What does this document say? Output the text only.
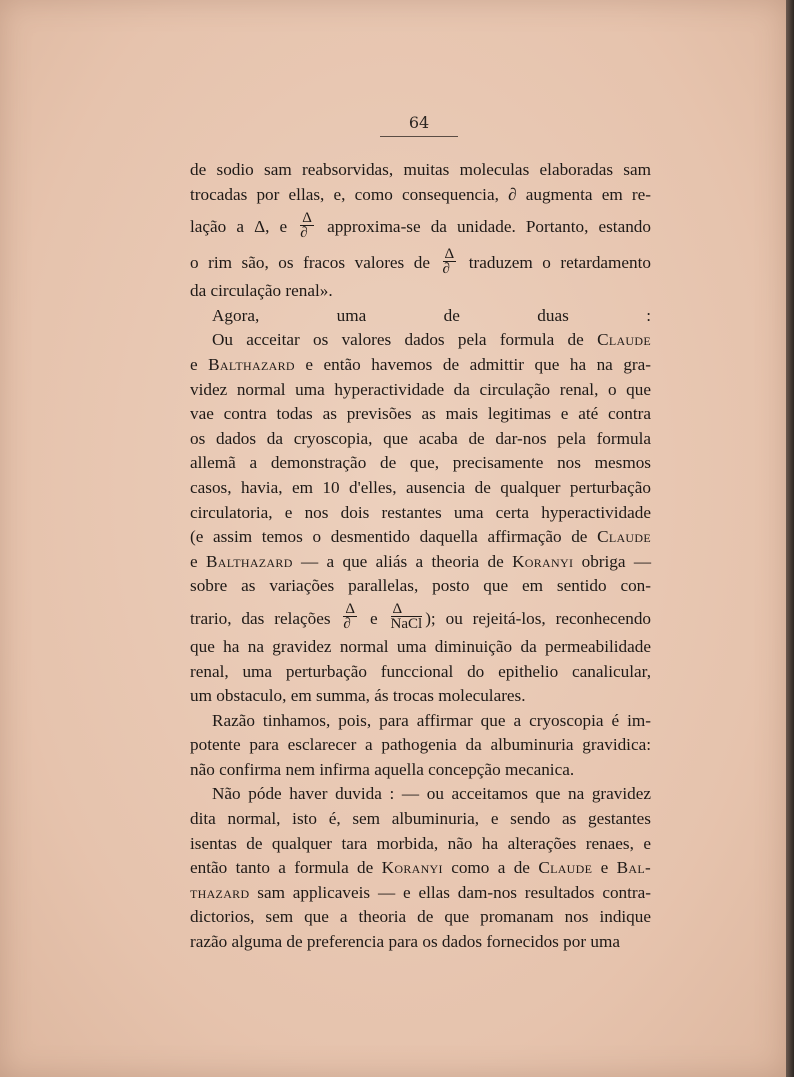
64
de sodio sam reabsorvidas, muitas moleculas elaboradas sam
trocadas por ellas, e, como consequencia, ∂ augmenta em re-
lação a Δ, e $\frac{\Delta}{\partial}$ approxima-se da unidade. Portanto, estando
o rim são, os fracos valores de $\frac{\Delta}{\partial}$ traduzem o retardamento
da circulação renal».
Agora, uma de duas :
Ou acceitar os valores dados pela formula de Claude
e Balthazard e então havemos de admittir que ha na gra-
videz normal uma hyperactividade da circulação renal, o que
vae contra todas as previsões as mais legitimas e até contra
os dados da cryoscopia, que acaba de dar-nos pela formula
allemã a demonstração de que, precisamente nos mesmos
casos, havia, em 10 d'elles, ausencia de qualquer perturbação
circulatoria, e nos dois restantes uma certa hyperactividade
(e assim temos o desmentido daquella affirmação de Claude
e Balthazard — a que aliás a theoria de Koranyi obriga —
sobre as variações parallelas, posto que em sentido con-
trario, das relações $\frac{\Delta}{\partial}$ e $\frac{\Delta}{\text{NaCl}}$ ); ou rejeitá-los, reconhecendo
que ha na gravidez normal uma diminuição da permeabilidade
renal, uma perturbação funccional do epithelio canalicular,
um obstaculo, em summa, ás trocas moleculares.
Razão tinhamos, pois, para affirmar que a cryoscopia é im-
potente para esclarecer a pathogenia da albuminuria gravidica:
não confirma nem infirma aquella concepção mecanica.
Não póde haver duvida : — ou acceitamos que na gravidez
dita normal, isto é, sem albuminuria, e sendo as gestantes
isentas de qualquer tara morbida, não ha alterações renaes, e
então tanto a formula de Koranyi como a de Claude e Bal-
thazard sam applicaveis — e ellas dam-nos resultados contra-
dictorios, sem que a theoria de que promanam nos indique
razão alguma de preferencia para os dados fornecidos por uma
